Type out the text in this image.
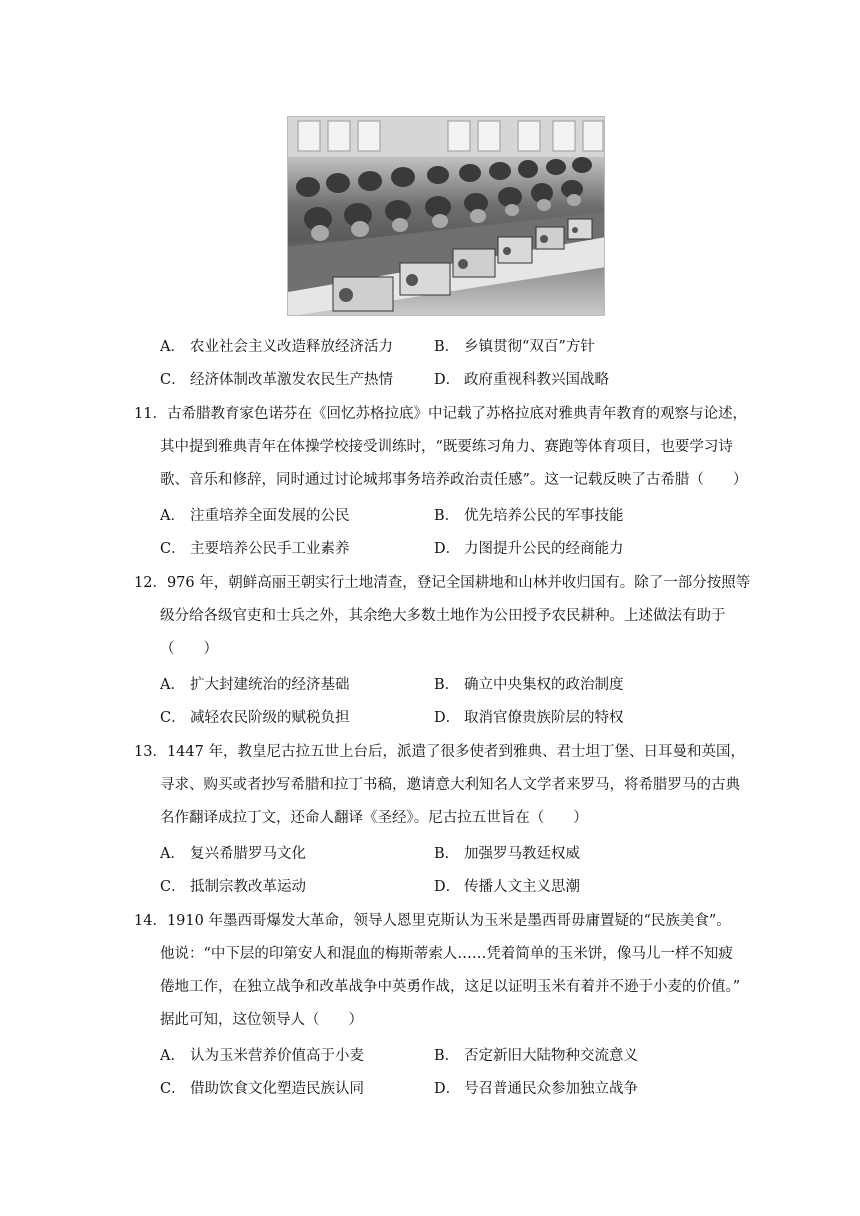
A． 农业社会主义改造释放经济活力	B． 乡镇贯彻“双百”方针
C． 经济体制改革激发农民生产热情	D． 政府重视科教兴国战略
11．古希腊教育家色诺芬在《回忆苏格拉底》中记载了苏格拉底对雅典青年教育的观察与论述，
其中提到雅典青年在体操学校接受训练时，“既要练习角力、赛跑等体育项目，也要学习诗
歌、音乐和修辞，同时通过讨论城邦事务培养政治责任感”。这一记载反映了古希腊（　　）
A． 注重培养全面发展的公民	B． 优先培养公民的军事技能
C． 主要培养公民手工业素养	D． 力图提升公民的经商能力
12．976 年，朝鲜高丽王朝实行土地清查，登记全国耕地和山林并收归国有。除了一部分按照等
级分给各级官吏和士兵之外，其余绝大多数土地作为公田授予农民耕种。上述做法有助于
（　　）
A． 扩大封建统治的经济基础	B． 确立中央集权的政治制度
C． 减轻农民阶级的赋税负担	D． 取消官僚贵族阶层的特权
13．1447 年，教皇尼古拉五世上台后，派遣了很多使者到雅典、君士坦丁堡、日耳曼和英国，
寻求、购买或者抄写希腊和拉丁书稿，邀请意大利知名人文学者来罗马，将希腊罗马的古典
名作翻译成拉丁文，还命人翻译《圣经》。尼古拉五世旨在（　　）
A． 复兴希腊罗马文化	B． 加强罗马教廷权威
C． 抵制宗教改革运动	D． 传播人文主义思潮
14．1910 年墨西哥爆发大革命，领导人恩里克斯认为玉米是墨西哥毋庸置疑的“民族美食”。
他说：“中下层的印第安人和混血的梅斯蒂索人……凭着简单的玉米饼，像马儿一样不知疲
倦地工作，在独立战争和改革战争中英勇作战，这足以证明玉米有着并不逊于小麦的价值。”
据此可知，这位领导人（　　）
A． 认为玉米营养价值高于小麦	B． 否定新旧大陆物种交流意义
C． 借助饮食文化塑造民族认同	D． 号召普通民众参加独立战争
